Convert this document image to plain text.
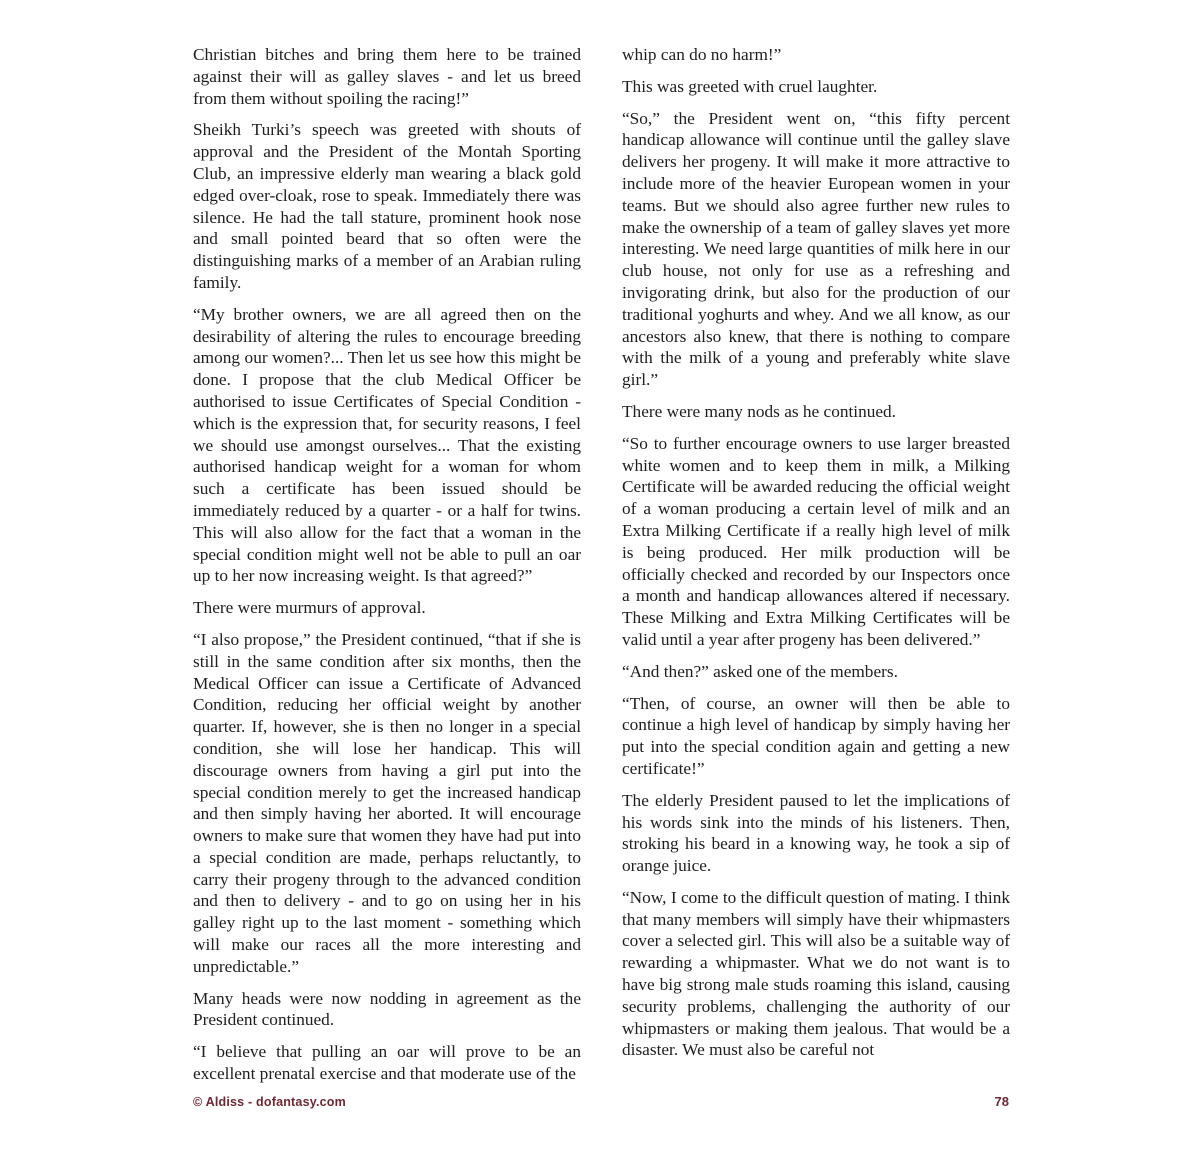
Christian bitches and bring them here to be trained against their will as galley slaves - and let us breed from them without spoiling the racing!”

Sheikh Turki’s speech was greeted with shouts of approval and the President of the Montah Sporting Club, an impressive elderly man wearing a black gold edged over-cloak, rose to speak. Immediately there was silence. He had the tall stature, prominent hook nose and small pointed beard that so often were the distinguishing marks of a member of an Arabian ruling family.

“My brother owners, we are all agreed then on the desirability of altering the rules to encourage breeding among our women?... Then let us see how this might be done. I propose that the club Medical Officer be authorised to issue Certificates of Special Condition - which is the expression that, for security reasons, I feel we should use amongst ourselves... That the existing authorised handicap weight for a woman for whom such a certificate has been issued should be immediately reduced by a quarter - or a half for twins. This will also allow for the fact that a woman in the special condition might well not be able to pull an oar up to her now increasing weight. Is that agreed?”

There were murmurs of approval.

“I also propose,” the President continued, “that if she is still in the same condition after six months, then the Medical Officer can issue a Certificate of Advanced Condition, reducing her official weight by another quarter. If, however, she is then no longer in a special condition, she will lose her handicap. This will discourage owners from having a girl put into the special condition merely to get the increased handicap and then simply having her aborted. It will encourage owners to make sure that women they have had put into a special condition are made, perhaps reluctantly, to carry their progeny through to the advanced condition and then to delivery - and to go on using her in his galley right up to the last moment - something which will make our races all the more interesting and unpredictable.”

Many heads were now nodding in agreement as the President continued.

“I believe that pulling an oar will prove to be an excellent prenatal exercise and that moderate use of the

whip can do no harm!”

This was greeted with cruel laughter.

“So,” the President went on, “this fifty percent handicap allowance will continue until the galley slave delivers her progeny. It will make it more attractive to include more of the heavier European women in your teams. But we should also agree further new rules to make the ownership of a team of galley slaves yet more interesting. We need large quantities of milk here in our club house, not only for use as a refreshing and invigorating drink, but also for the production of our traditional yoghurts and whey. And we all know, as our ancestors also knew, that there is nothing to compare with the milk of a young and preferably white slave girl.”

There were many nods as he continued.

“So to further encourage owners to use larger breasted white women and to keep them in milk, a Milking Certificate will be awarded reducing the official weight of a woman producing a certain level of milk and an Extra Milking Certificate if a really high level of milk is being produced. Her milk production will be officially checked and recorded by our Inspectors once a month and handicap allowances altered if necessary. These Milking and Extra Milking Certificates will be valid until a year after progeny has been delivered.”

“And then?” asked one of the members.

“Then, of course, an owner will then be able to continue a high level of handicap by simply having her put into the special condition again and getting a new certificate!”

The elderly President paused to let the implications of his words sink into the minds of his listeners. Then, stroking his beard in a knowing way, he took a sip of orange juice.

“Now, I come to the difficult question of mating. I think that many members will simply have their whipmasters cover a selected girl. This will also be a suitable way of rewarding a whipmaster. What we do not want is to have big strong male studs roaming this island, causing security problems, challenging the authority of our whipmasters or making them jealous. That would be a disaster. We must also be careful not

© Aldiss - dofantasy.com	78
